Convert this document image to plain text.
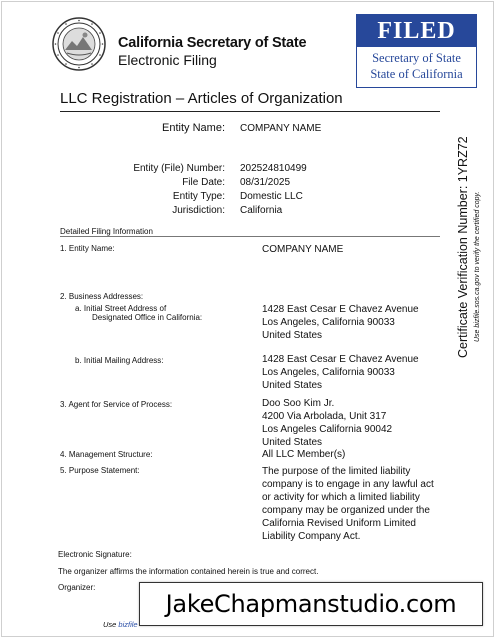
California Secretary of State
Electronic Filing
FILED
Secretary of State
State of California
LLC Registration – Articles of Organization
Entity Name: COMPANY NAME
Entity (File) Number: 202524810499
File Date: 08/31/2025
Entity Type: Domestic LLC
Jurisdiction: California	Certificate Verification Number: 1YRZ72 Use bizfile.sos.ca.gov to verify the certified copy.
Detailed Filing Information
1. Entity Name:	COMPANY NAME
2. Business Addresses:
a. Initial Street Address of
Designated Office in California:
1428 East Cesar E Chavez Avenue
Los Angeles, California 90033
United States
b. Initial Mailing Address:	1428 East Cesar E Chavez Avenue
Los Angeles, California 90033
United States
3. Agent for Service of Process:	Doo Soo Kim Jr.
4200 Via Arbolada, Unit 317
Los Angeles California 90042
United States
4. Management Structure:	All LLC Member(s)
5. Purpose Statement:	The purpose of the limited liability
company is to engage in any lawful act
or activity for which a limited liability
company may be organized under the
California Revised Uniform Limited
Liability Company Act.
Electronic Signature:
The organizer affirms the information contained herein is true and correct.
Organizer:
Use bizfile
JakeChapmanstudio.com
